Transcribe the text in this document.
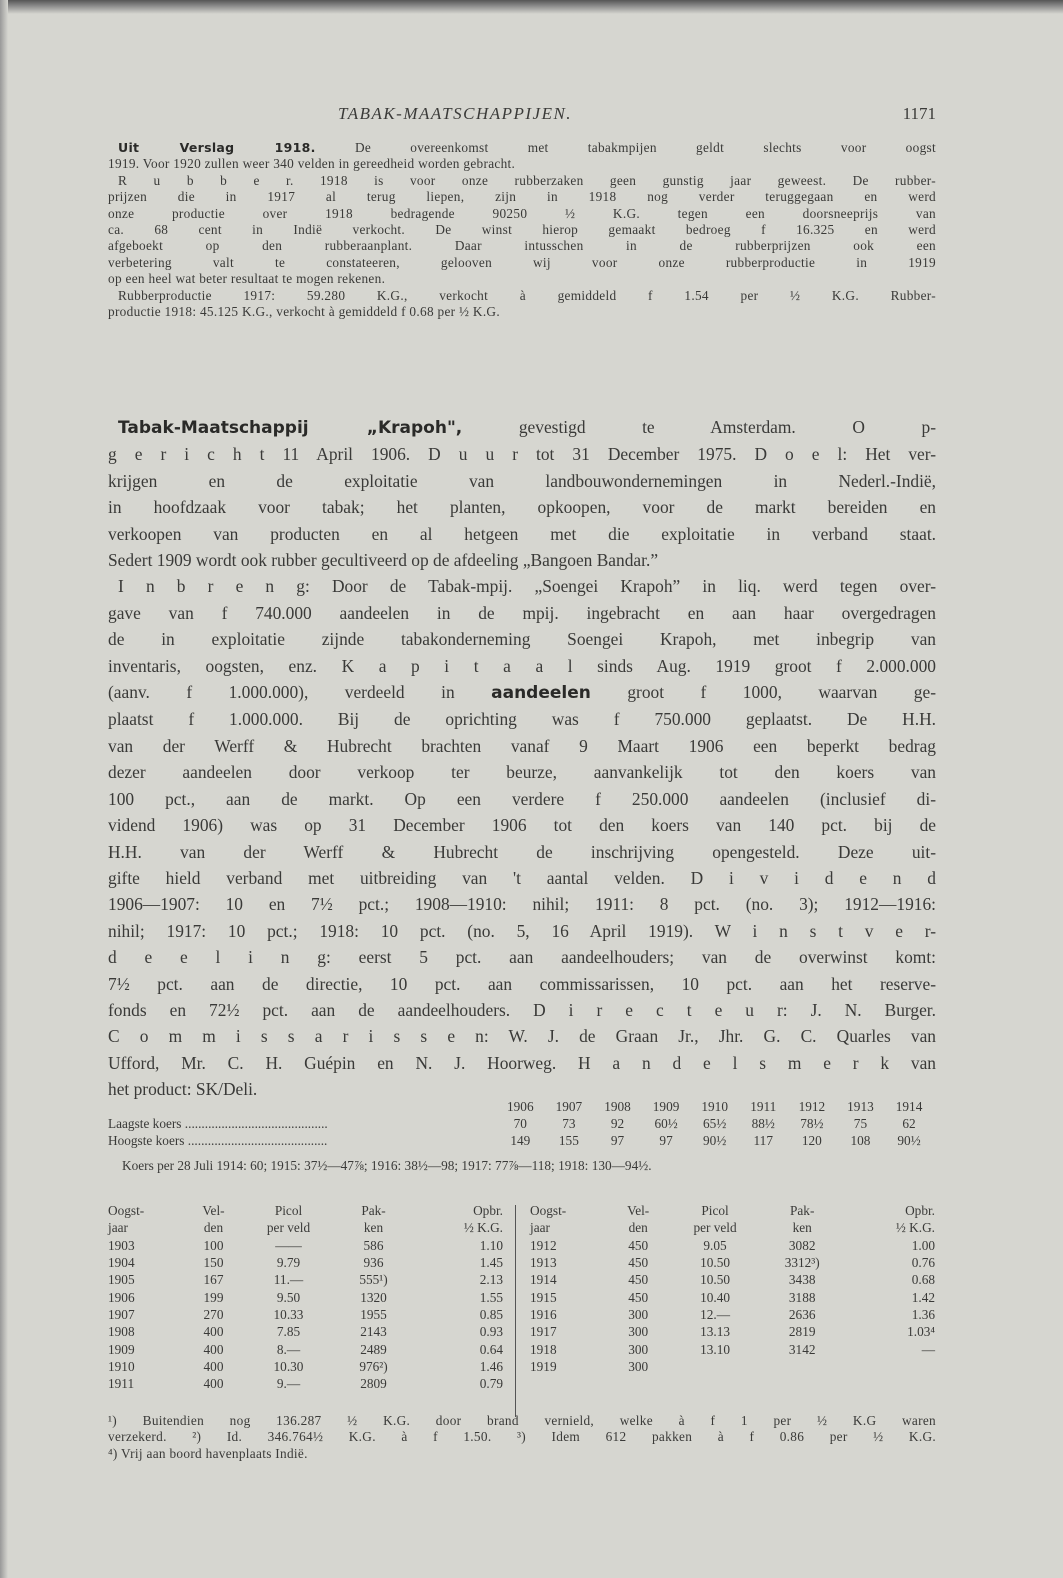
TABAK-MAATSCHAPPIJEN.	1171
Uit Verslag 1918. De overeenkomst met tabakmpijen geldt slechts voor oogst
1919. Voor 1920 zullen weer 340 velden in gereedheid worden gebracht.
R u b b e r. 1918 is voor onze rubberzaken geen gunstig jaar geweest. De rubber-
prijzen die in 1917 al terug liepen, zijn in 1918 nog verder teruggegaan en werd
onze productie over 1918 bedragende 90250 ½ K.G. tegen een doorsneeprijs van
ca. 68 cent in Indië verkocht. De winst hierop gemaakt bedroeg f 16.325 en werd
afgeboekt op den rubberaanplant. Daar intusschen in de rubberprijzen ook een
verbetering valt te constateeren, gelooven wij voor onze rubberproductie in 1919
op een heel wat beter resultaat te mogen rekenen.
Rubberproductie 1917: 59.280 K.G., verkocht à gemiddeld f 1.54 per ½ K.G. Rubber-
productie 1918: 45.125 K.G., verkocht à gemiddeld f 0.68 per ½ K.G.
Tabak-Maatschappij „Krapoh", gevestigd te Amsterdam. O p-
g e r i c h t 11 April 1906. D u u r tot 31 December 1975. D o e l: Het ver-
krijgen en de exploitatie van landbouwondernemingen in Nederl.-Indië,
in hoofdzaak voor tabak; het planten, opkoopen, voor de markt bereiden en
verkoopen van producten en al hetgeen met die exploitatie in verband staat.
Sedert 1909 wordt ook rubber gecultiveerd op de afdeeling „Bangoen Bandar.”
I n b r e n g: Door de Tabak-mpij. „Soengei Krapoh” in liq. werd tegen over-
gave van f 740.000 aandeelen in de mpij. ingebracht en aan haar overgedragen
de in exploitatie zijnde tabakonderneming Soengei Krapoh, met inbegrip van
inventaris, oogsten, enz. K a p i t a a l sinds Aug. 1919 groot f 2.000.000
(aanv. f 1.000.000), verdeeld in aandeelen groot f 1000, waarvan ge-
plaatst f 1.000.000. Bij de oprichting was f 750.000 geplaatst. De H.H.
van der Werff & Hubrecht brachten vanaf 9 Maart 1906 een beperkt bedrag
dezer aandeelen door verkoop ter beurze, aanvankelijk tot den koers van
100 pct., aan de markt. Op een verdere f 250.000 aandeelen (inclusief di-
vidend 1906) was op 31 December 1906 tot den koers van 140 pct. bij de
H.H. van der Werff & Hubrecht de inschrijving opengesteld. Deze uit-
gifte hield verband met uitbreiding van 't aantal velden. D i v i d e n d
1906—1907: 10 en 7½ pct.; 1908—1910: nihil; 1911: 8 pct. (no. 3); 1912—1916:
nihil; 1917: 10 pct.; 1918: 10 pct. (no. 5, 16 April 1919). W i n s t v e r-
d e e l i n g: eerst 5 pct. aan aandeelhouders; van de overwinst komt:
7½ pct. aan de directie, 10 pct. aan commissarissen, 10 pct. aan het reserve-
fonds en 72½ pct. aan de aandeelhouders. D i r e c t e u r: J. N. Burger.
C o m m i s s a r i s s e n: W. J. de Graan Jr., Jhr. G. C. Quarles van
Ufford, Mr. C. H. Guépin en N. J. Hoorweg. H a n d e l s m e r k van
het product: SK/Deli.
1906	1907	1908	1909	1910	1911	1912	1913	1914
Laagste koers ...........................................	70	73	92	60½	65½	88½	78½	75	62
Hoogste koers ..........................................	149	155	97	97	90½	117	120	108	90½
Koers per 28 Juli 1914: 60; 1915: 37½—47⅞; 1916: 38½—98; 1917: 77⅞—118; 1918: 130—94½.
Oogst-	Vel-	Picol	Pak-	Opbr.
jaar	den	per veld	ken	½ K.G.
1903	100	——	586	1.10
1904	150	9.79	936	1.45
1905	167	11.—	555¹)	2.13
1906	199	9.50	1320	1.55
1907	270	10.33	1955	0.85
1908	400	7.85	2143	0.93
1909	400	8.—	2489	0.64
1910	400	10.30	976²)	1.46
1911	400	9.—	2809	0.79
Oogst-	Vel-	Picol	Pak-	Opbr.
jaar	den	per veld	ken	½ K.G.
1912	450	9.05	3082	1.00
1913	450	10.50	3312³)	0.76
1914	450	10.50	3438	0.68
1915	450	10.40	3188	1.42
1916	300	12.—	2636	1.36
1917	300	13.13	2819	1.03⁴
1918	300	13.10	3142	—
1919	300			
¹) Buitendien nog 136.287 ½ K.G. door brand vernield, welke à f 1 per ½ K.G waren
verzekerd. ²) Id. 346.764½ K.G. à f 1.50. ³) Idem 612 pakken à f 0.86 per ½ K.G.
⁴) Vrij aan boord havenplaats Indië.
